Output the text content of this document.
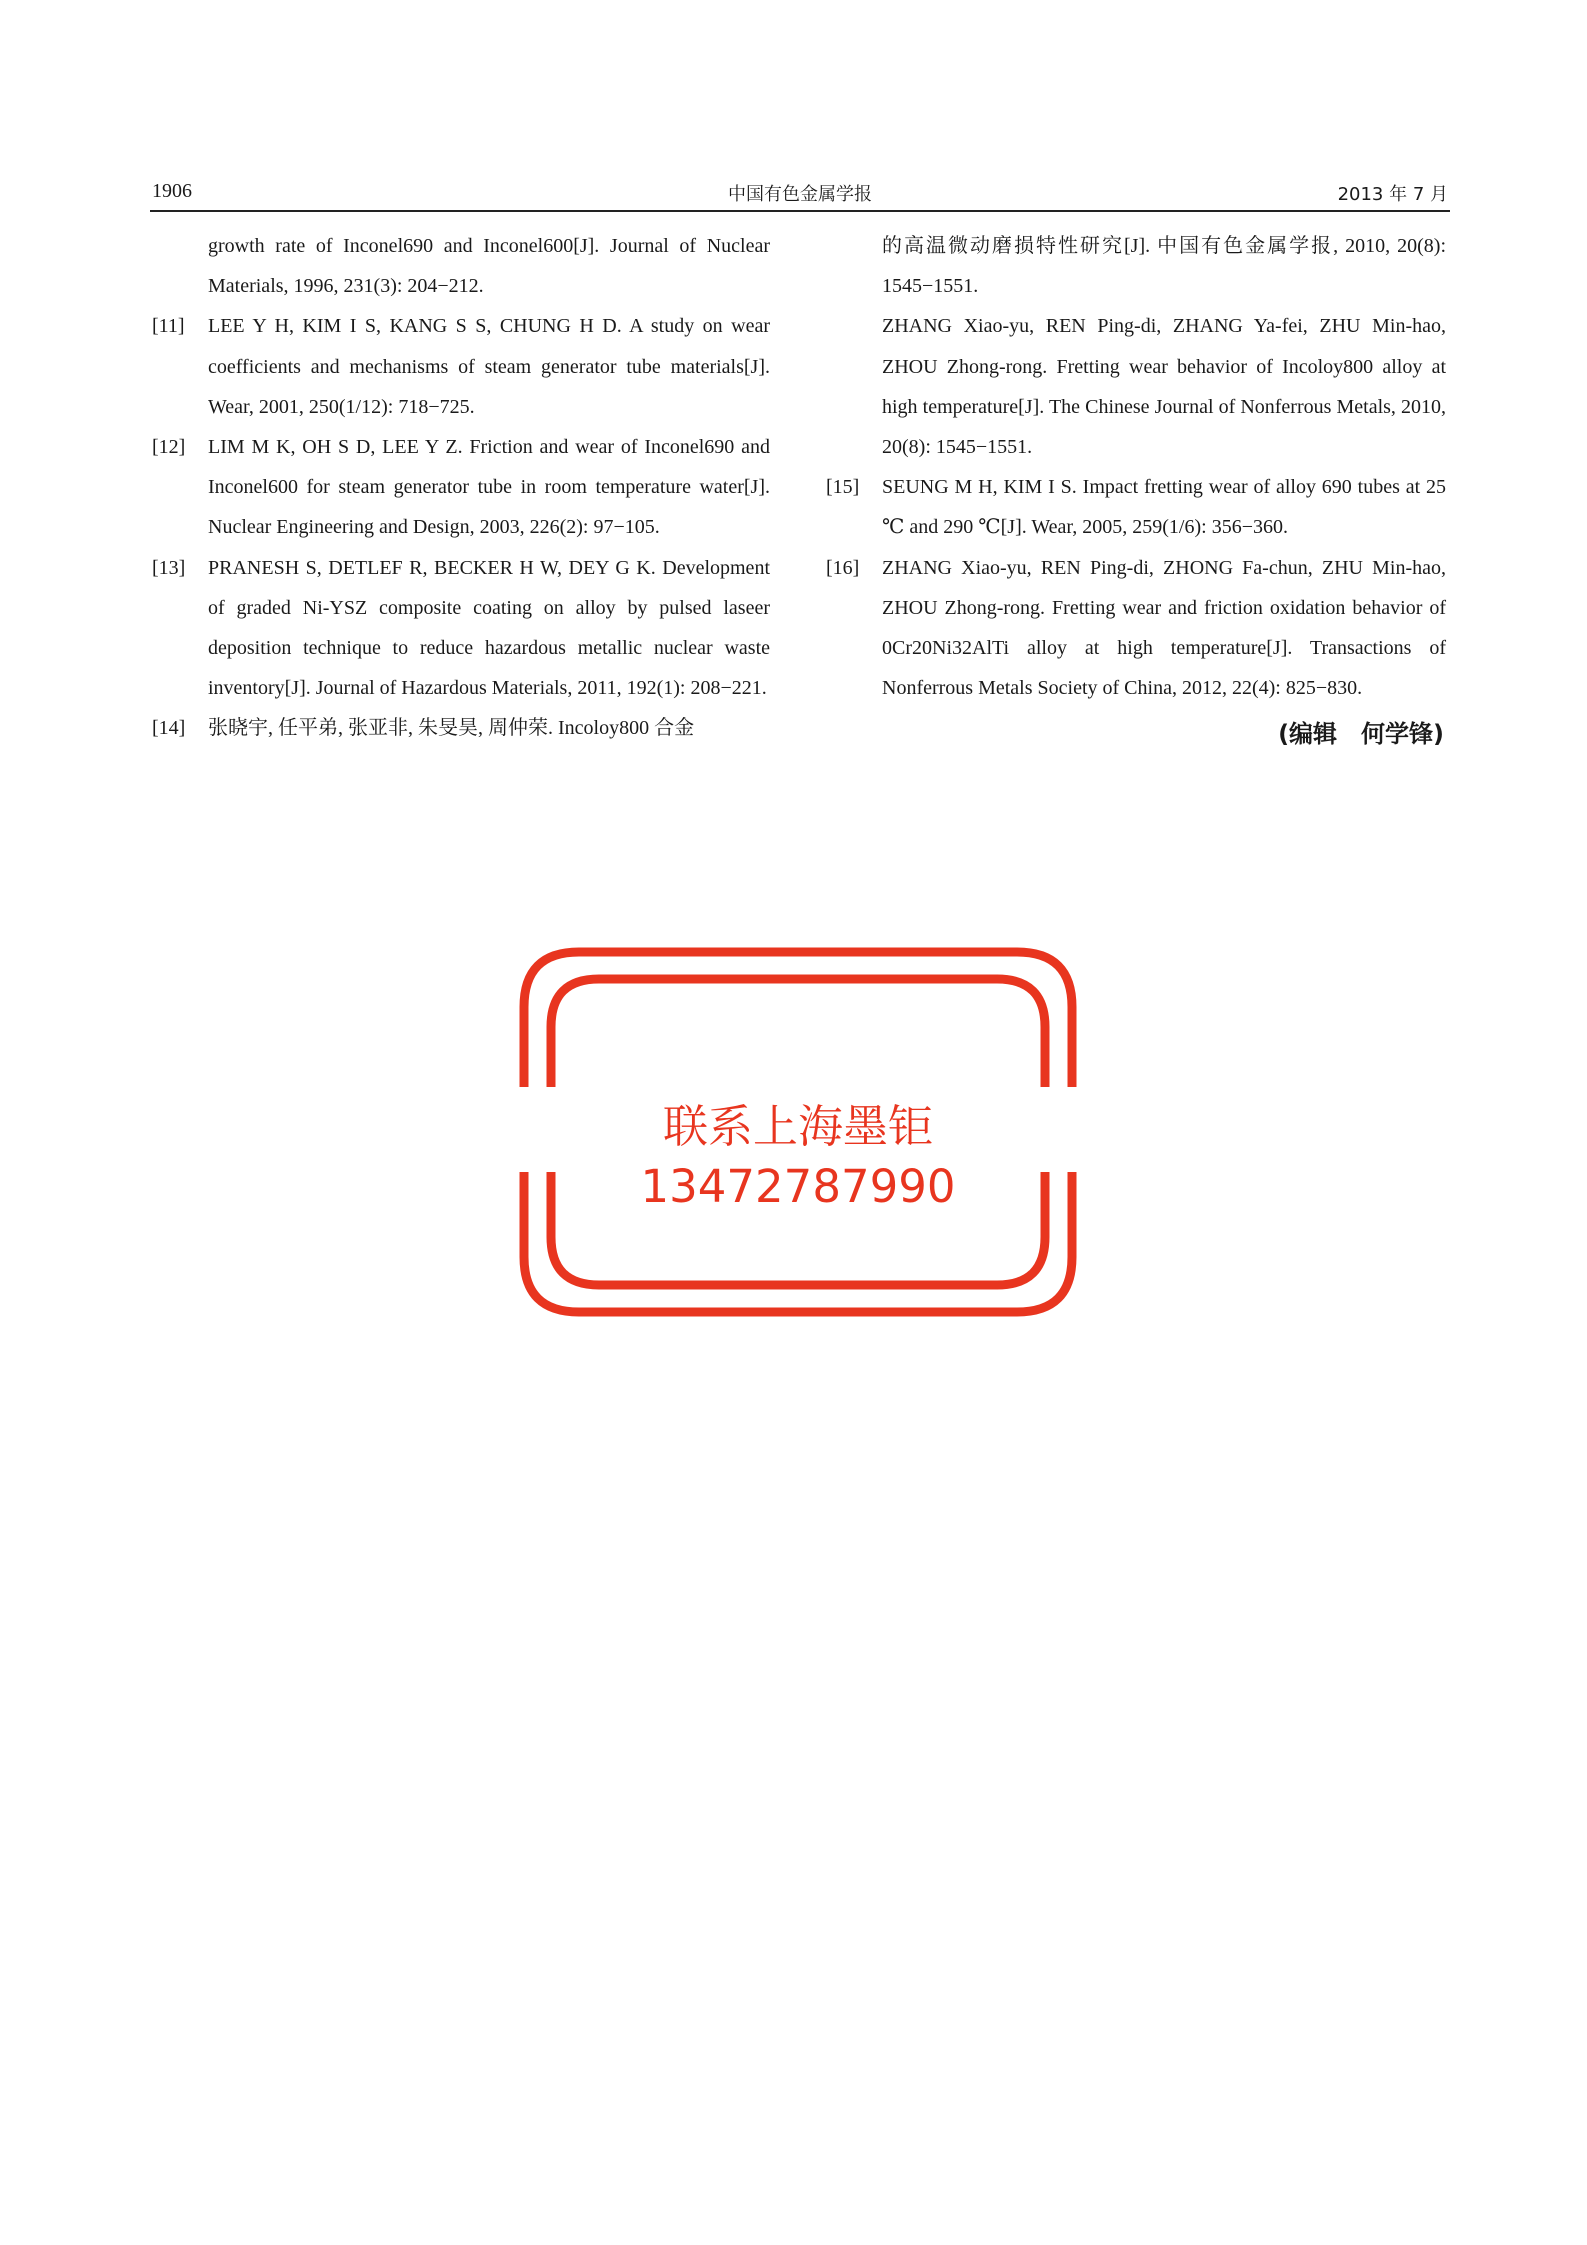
1906	中国有色金属学报	2013 年 7 月
growth rate of Inconel690 and Inconel600[J]. Journal of Nuclear Materials, 1996, 231(3): 204−212.
[11]	LEE Y H, KIM I S, KANG S S, CHUNG H D. A study on wear coefficients and mechanisms of steam generator tube materials[J]. Wear, 2001, 250(1/12): 718−725.
[12]	LIM M K, OH S D, LEE Y Z. Friction and wear of Inconel690 and Inconel600 for steam generator tube in room temperature water[J]. Nuclear Engineering and Design, 2003, 226(2): 97−105.
[13]	PRANESH S, DETLEF R, BECKER H W, DEY G K. Development of graded Ni-YSZ composite coating on alloy by pulsed laseer deposition technique to reduce hazardous metallic nuclear waste inventory[J]. Journal of Hazardous Materials, 2011, 192(1): 208−221.
[14]	张晓宇, 任平弟, 张亚非, 朱旻昊, 周仲荣. Incoloy800 合金
的高温微动磨损特性研究[J]. 中国有色金属学报, 2010, 20(8): 1545−1551.
ZHANG Xiao-yu, REN Ping-di, ZHANG Ya-fei, ZHU Min-hao, ZHOU Zhong-rong. Fretting wear behavior of Incoloy800 alloy at high temperature[J]. The Chinese Journal of Nonferrous Metals, 2010, 20(8): 1545−1551.
[15]	SEUNG M H, KIM I S. Impact fretting wear of alloy 690 tubes at 25 ℃ and 290 ℃[J]. Wear, 2005, 259(1/6): 356−360.
[16]	ZHANG Xiao-yu, REN Ping-di, ZHONG Fa-chun, ZHU Min-hao, ZHOU Zhong-rong. Fretting wear and friction oxidation behavior of 0Cr20Ni32AlTi alloy at high temperature[J]. Transactions of Nonferrous Metals Society of China, 2012, 22(4): 825−830.
(编辑　何学锋)
联系上海墨钜13472787990
